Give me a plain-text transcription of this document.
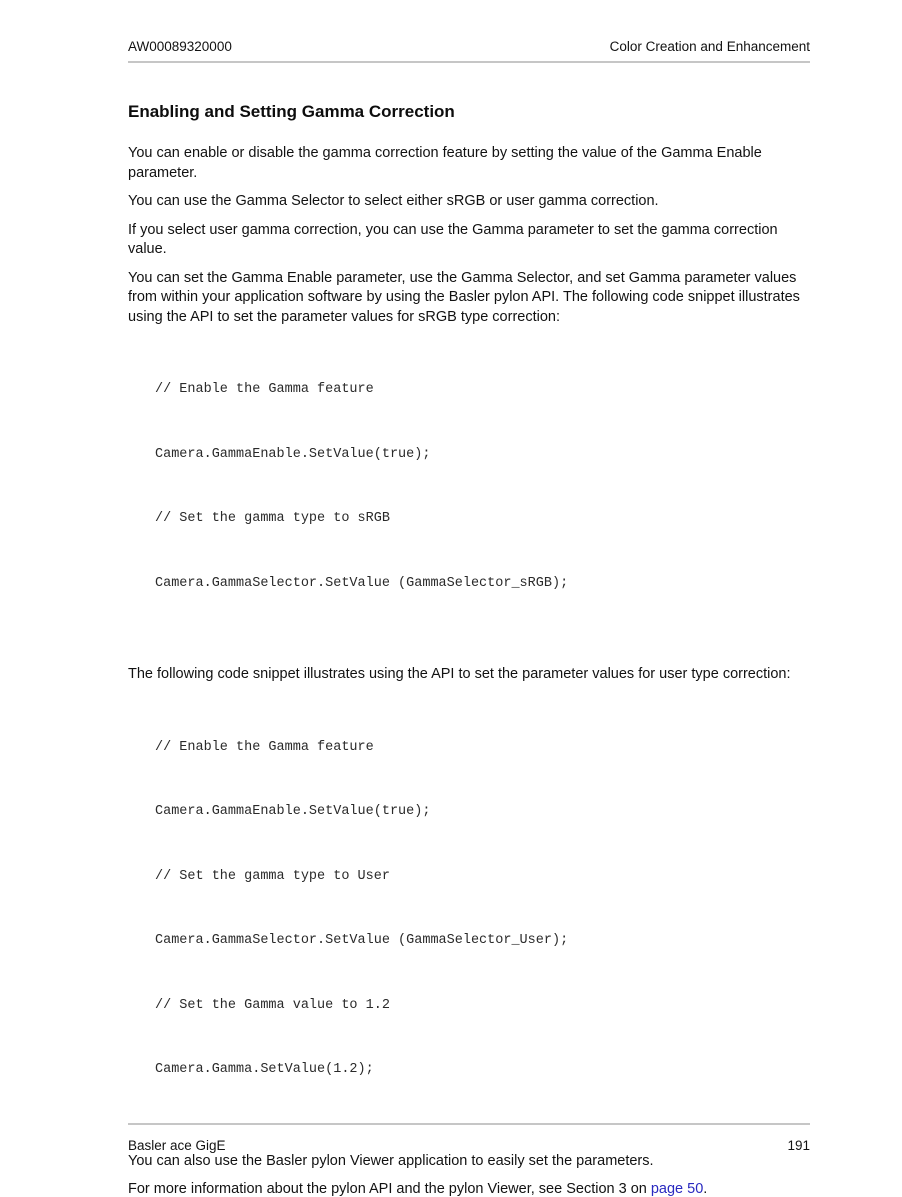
AW00089320000	Color Creation and Enhancement
Enabling and Setting Gamma Correction

You can enable or disable the gamma correction feature by setting the value of the Gamma Enable parameter.

You can use the Gamma Selector to select either sRGB or user gamma correction.

If you select user gamma correction, you can use the Gamma parameter to set the gamma correction value.

You can set the Gamma Enable parameter, use the Gamma Selector, and set Gamma parameter values from within your application software by using the Basler pylon API. The following code snippet illustrates using the API to set the parameter values for sRGB type correction:

// Enable the Gamma feature

Camera.GammaEnable.SetValue(true);

// Set the gamma type to sRGB

Camera.GammaSelector.SetValue (GammaSelector_sRGB);

The following code snippet illustrates using the API to set the parameter values for user type correction:

// Enable the Gamma feature

Camera.GammaEnable.SetValue(true);

// Set the gamma type to User

Camera.GammaSelector.SetValue (GammaSelector_User);

// Set the Gamma value to 1.2

Camera.Gamma.SetValue(1.2);

You can also use the Basler pylon Viewer application to easily set the parameters.

For more information about the pylon API and the pylon Viewer, see Section 3 on page 50.

Basler ace GigE	191
